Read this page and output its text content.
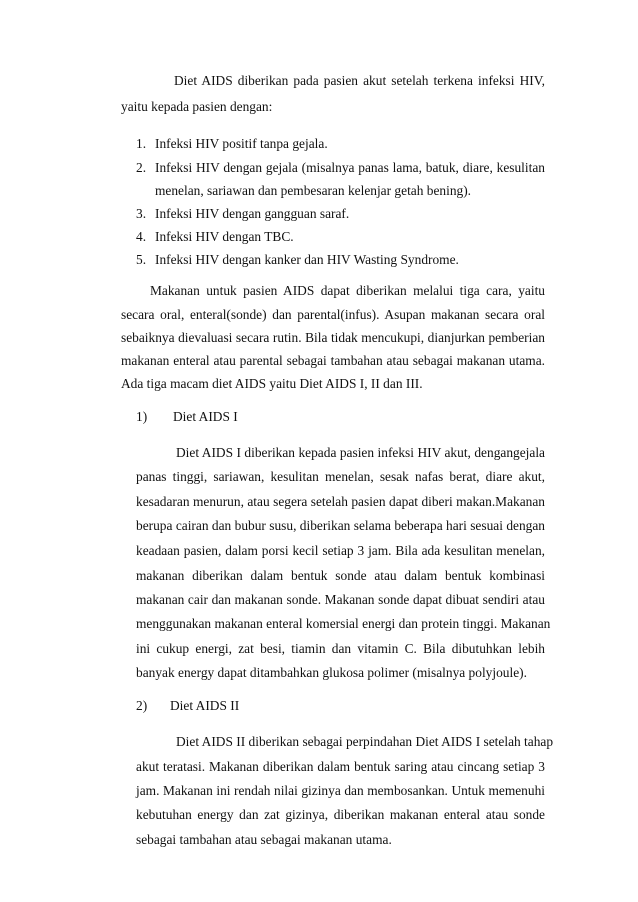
Diet AIDS diberikan pada pasien akut setelah terkena infeksi HIV,
yaitu kepada pasien dengan:
1. Infeksi HIV positif tanpa gejala.
2. Infeksi HIV dengan gejala (misalnya panas lama, batuk, diare, kesulitan
menelan, sariawan dan pembesaran kelenjar getah bening).
3. Infeksi HIV dengan gangguan saraf.
4. Infeksi HIV dengan TBC.
5. Infeksi HIV dengan kanker dan HIV Wasting Syndrome.
Makanan untuk pasien AIDS dapat diberikan melalui tiga cara, yaitu
secara oral, enteral(sonde) dan parental(infus). Asupan makanan secara oral
sebaiknya dievaluasi secara rutin. Bila tidak mencukupi, dianjurkan pemberian
makanan enteral atau parental sebagai tambahan atau sebagai makanan utama.
Ada tiga macam diet AIDS yaitu Diet AIDS I, II dan III.
1) Diet AIDS I
Diet AIDS I diberikan kepada pasien infeksi HIV akut, dengangejala
panas tinggi, sariawan, kesulitan menelan, sesak nafas berat, diare akut,
kesadaran menurun, atau segera setelah pasien dapat diberi makan.Makanan
berupa cairan dan bubur susu, diberikan selama beberapa hari sesuai dengan
keadaan pasien, dalam porsi kecil setiap 3 jam. Bila ada kesulitan menelan,
makanan diberikan dalam bentuk sonde atau dalam bentuk kombinasi
makanan cair dan makanan sonde. Makanan sonde dapat dibuat sendiri atau
menggunakan makanan enteral komersial energi dan protein tinggi. Makanan
ini cukup energi, zat besi, tiamin dan vitamin C. Bila dibutuhkan lebih
banyak energy dapat ditambahkan glukosa polimer (misalnya polyjoule).
2) Diet AIDS II
Diet AIDS II diberikan sebagai perpindahan Diet AIDS I setelah tahap
akut teratasi. Makanan diberikan dalam bentuk saring atau cincang setiap 3
jam. Makanan ini rendah nilai gizinya dan membosankan. Untuk memenuhi
kebutuhan energy dan zat gizinya, diberikan makanan enteral atau sonde
sebagai tambahan atau sebagai makanan utama.
